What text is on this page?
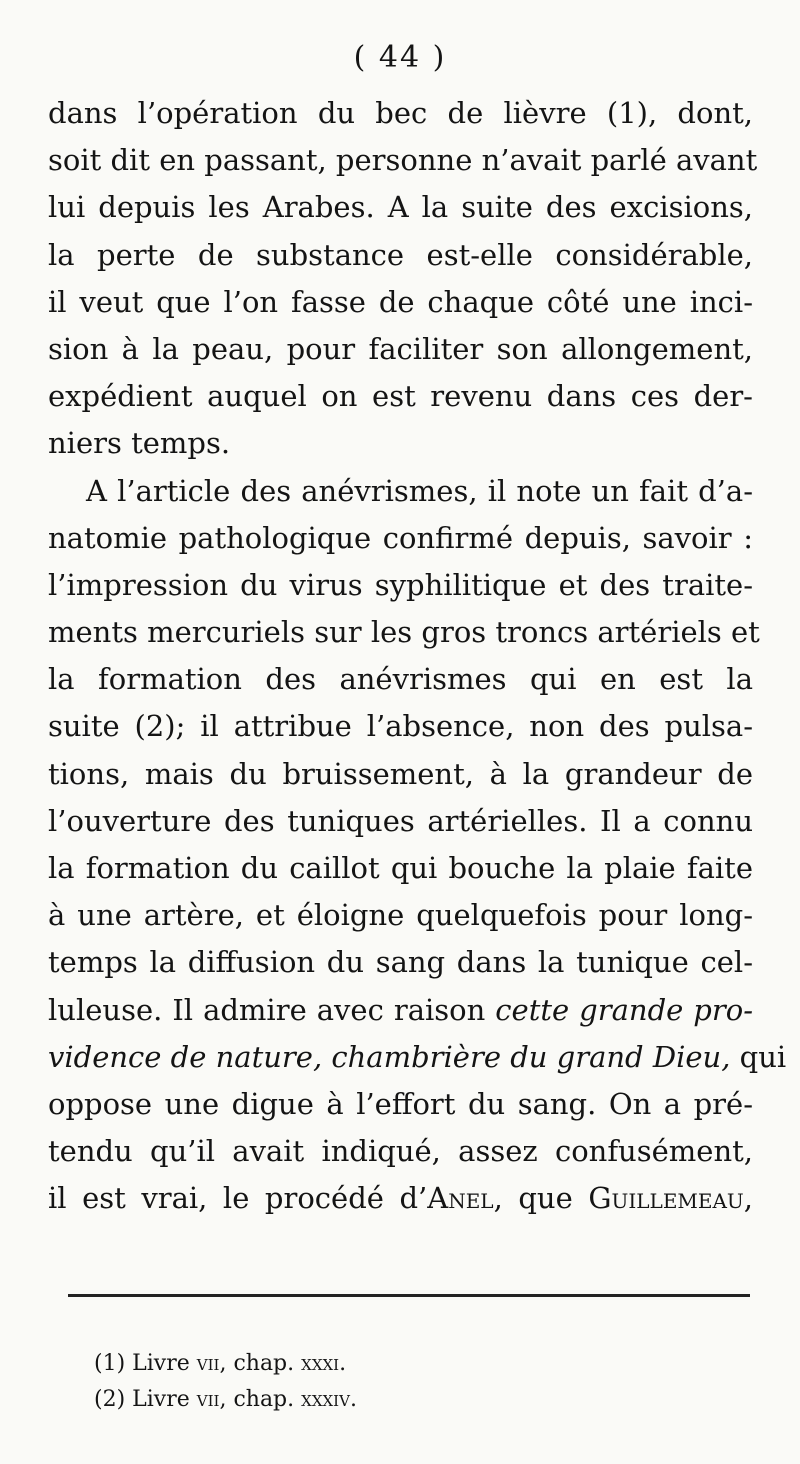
( 44 )
dans l’opération du bec de lièvre (1), dont,
soit dit en passant, personne n’avait parlé avant
lui depuis les Arabes. A la suite des excisions,
la perte de substance est-elle considérable,
il veut que l’on fasse de chaque côté une inci-
sion à la peau, pour faciliter son allongement,
expédient auquel on est revenu dans ces der-
niers temps.
A l’article des anévrismes, il note un fait d’a-
natomie pathologique confirmé depuis, savoir :
l’impression du virus syphilitique et des traite-
ments mercuriels sur les gros troncs artériels et
la formation des anévrismes qui en est la
suite (2); il attribue l’absence, non des pulsa-
tions, mais du bruissement, à la grandeur de
l’ouverture des tuniques artérielles. Il a connu
la formation du caillot qui bouche la plaie faite
à une artère, et éloigne quelquefois pour long-
temps la diffusion du sang dans la tunique cel-
luleuse. Il admire avec raison cette grande pro-
vidence de nature, chambrière du grand Dieu, qui
oppose une digue à l’effort du sang. On a pré-
tendu qu’il avait indiqué, assez confusément,
il est vrai, le procédé d’Anel, que Guillemeau,
(1) Livre vii, chap. xxxi.
(2) Livre vii, chap. xxxiv.
